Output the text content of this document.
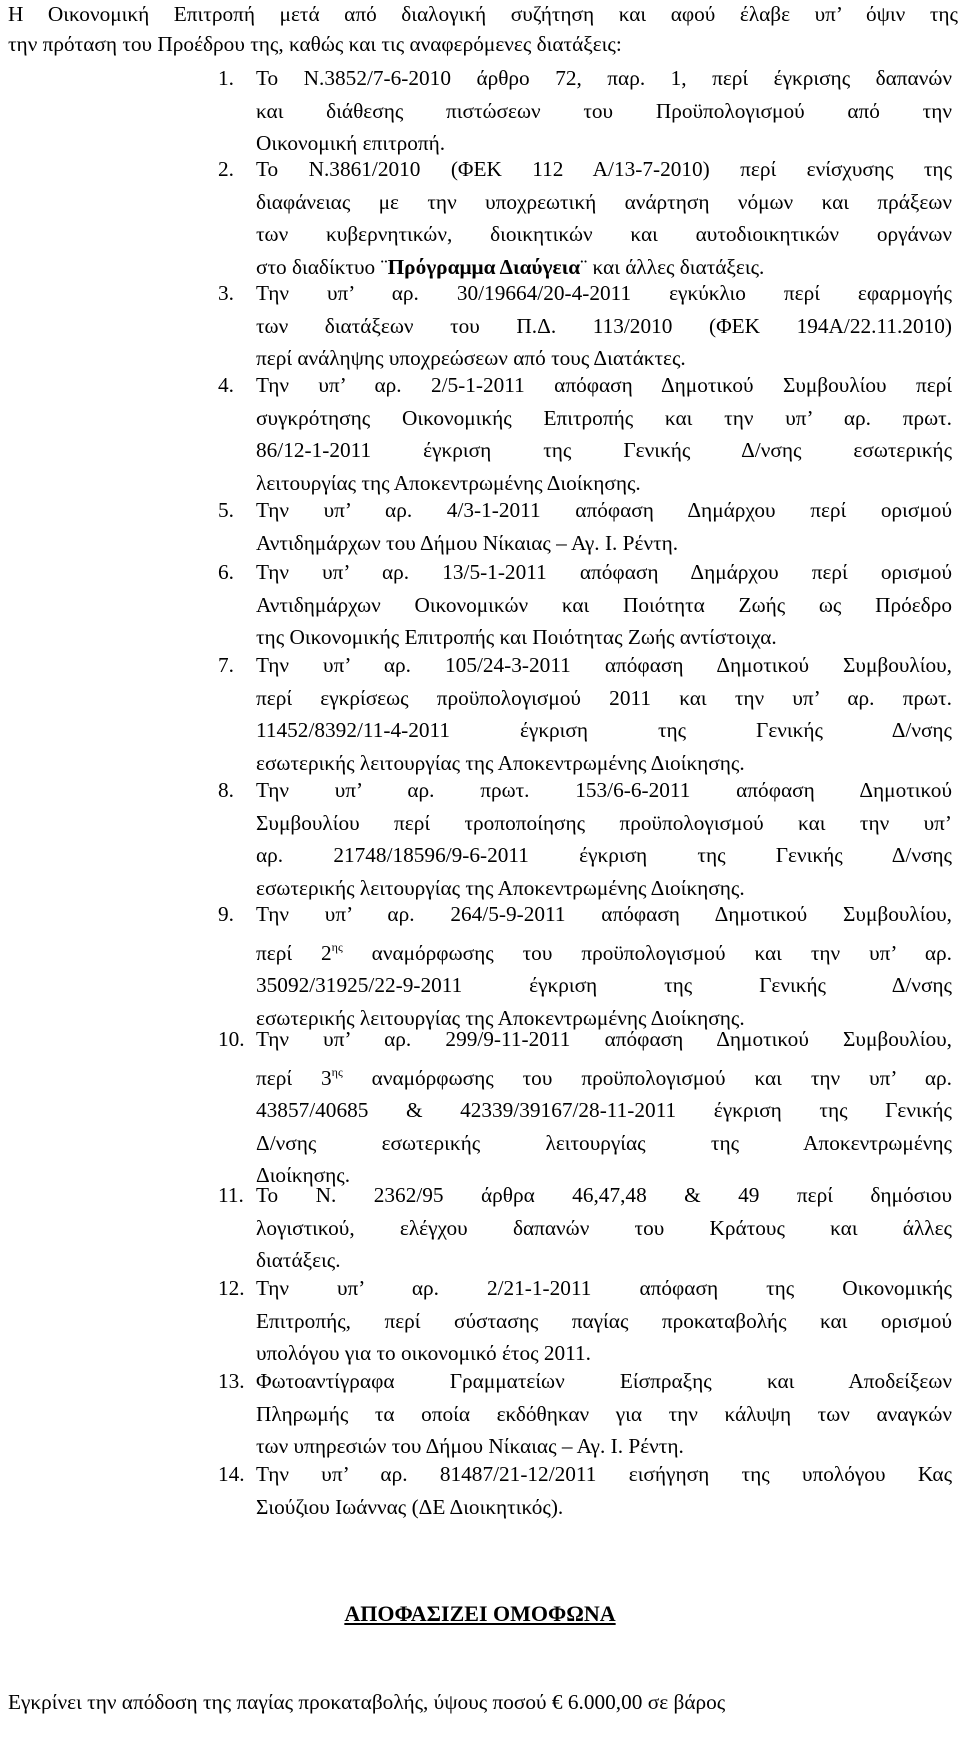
Η Οικονομική Επιτροπή μετά από διαλογική συζήτηση και αφού έλαβε υπ’ όψιν της
την πρόταση του Προέδρου της, καθώς και τις αναφερόμενες διατάξεις:
1. Το Ν.3852/7-6-2010 άρθρο 72, παρ. 1, περί έγκρισης δαπανών
και διάθεσης πιστώσεων του Προϋπολογισμού από την
Οικονομική επιτροπή.
2. Το Ν.3861/2010 (ΦΕΚ 112 Α/13-7-2010) περί ενίσχυσης της
διαφάνειας με την υποχρεωτική ανάρτηση νόμων και πράξεων
των κυβερνητικών, διοικητικών και αυτοδιοικητικών οργάνων
στο διαδίκτυο ¨Πρόγραμμα Διαύγεια¨ και άλλες διατάξεις.
3. Την υπ’ αρ. 30/19664/20-4-2011 εγκύκλιο περί εφαρμογής
των διατάξεων του Π.Δ. 113/2010 (ΦΕΚ 194Α/22.11.2010)
περί ανάληψης υποχρεώσεων από τους Διατάκτες.
4. Την υπ’ αρ. 2/5-1-2011 απόφαση Δημοτικού Συμβουλίου περί
συγκρότησης Οικονομικής Επιτροπής και την υπ’ αρ. πρωτ.
86/12-1-2011 έγκριση της Γενικής Δ/νσης εσωτερικής
λειτουργίας της Αποκεντρωμένης Διοίκησης.
5. Την υπ’ αρ. 4/3-1-2011 απόφαση Δημάρχου περί ορισμού
Αντιδημάρχων του Δήμου Νίκαιας – Αγ. Ι. Ρέντη.
6. Την υπ’ αρ. 13/5-1-2011 απόφαση Δημάρχου περί ορισμού
Αντιδημάρχων Οικονομικών και Ποιότητα Ζωής ως Πρόεδρο
της Οικονομικής Επιτροπής και Ποιότητας Ζωής αντίστοιχα.
7. Την υπ’ αρ. 105/24-3-2011 απόφαση Δημοτικού Συμβουλίου,
περί εγκρίσεως προϋπολογισμού 2011 και την υπ’ αρ. πρωτ.
11452/8392/11-4-2011 έγκριση της Γενικής Δ/νσης
εσωτερικής λειτουργίας της Αποκεντρωμένης Διοίκησης.
8. Την υπ’ αρ. πρωτ. 153/6-6-2011 απόφαση Δημοτικού
Συμβουλίου περί τροποποίησης προϋπολογισμού και την υπ’
αρ. 21748/18596/9-6-2011 έγκριση της Γενικής Δ/νσης
εσωτερικής λειτουργίας της Αποκεντρωμένης Διοίκησης.
9. Την υπ’ αρ. 264/5-9-2011 απόφαση Δημοτικού Συμβουλίου,
περί $2^{\eta\varsigma}$ αναμόρφωσης του προϋπολογισμού και την υπ’ αρ.
35092/31925/22-9-2011 έγκριση της Γενικής Δ/νσης
εσωτερικής λειτουργίας της Αποκεντρωμένης Διοίκησης.
10. Την υπ’ αρ. 299/9-11-2011 απόφαση Δημοτικού Συμβουλίου,
περί $3^{\eta\varsigma}$ αναμόρφωσης του προϋπολογισμού και την υπ’ αρ.
43857/40685 & 42339/39167/28-11-2011 έγκριση της Γενικής
Δ/νσης εσωτερικής λειτουργίας της Αποκεντρωμένης
Διοίκησης.
11. Το Ν. 2362/95 άρθρα 46,47,48 & 49 περί δημόσιου
λογιστικού, ελέγχου δαπανών του Κράτους και άλλες
διατάξεις.
12. Την υπ’ αρ. 2/21-1-2011 απόφαση της Οικονομικής
Επιτροπής, περί σύστασης παγίας προκαταβολής και ορισμού
υπολόγου για το οικονομικό έτος 2011.
13. Φωτοαντίγραφα Γραμματείων Είσπραξης και Αποδείξεων
Πληρωμής τα οποία εκδόθηκαν για την κάλυψη των αναγκών
των υπηρεσιών του Δήμου Νίκαιας – Αγ. Ι. Ρέντη.
14. Την υπ’ αρ. 81487/21-12/2011 εισήγηση της υπολόγου Κας
Σιούζιου Ιωάννας (ΔΕ Διοικητικός).
ΑΠΟΦΑΣΙΖΕΙ ΟΜΟΦΩΝΑ
Εγκρίνει την απόδοση της παγίας προκαταβολής, ύψους ποσού € 6.000,00 σε βάρος
